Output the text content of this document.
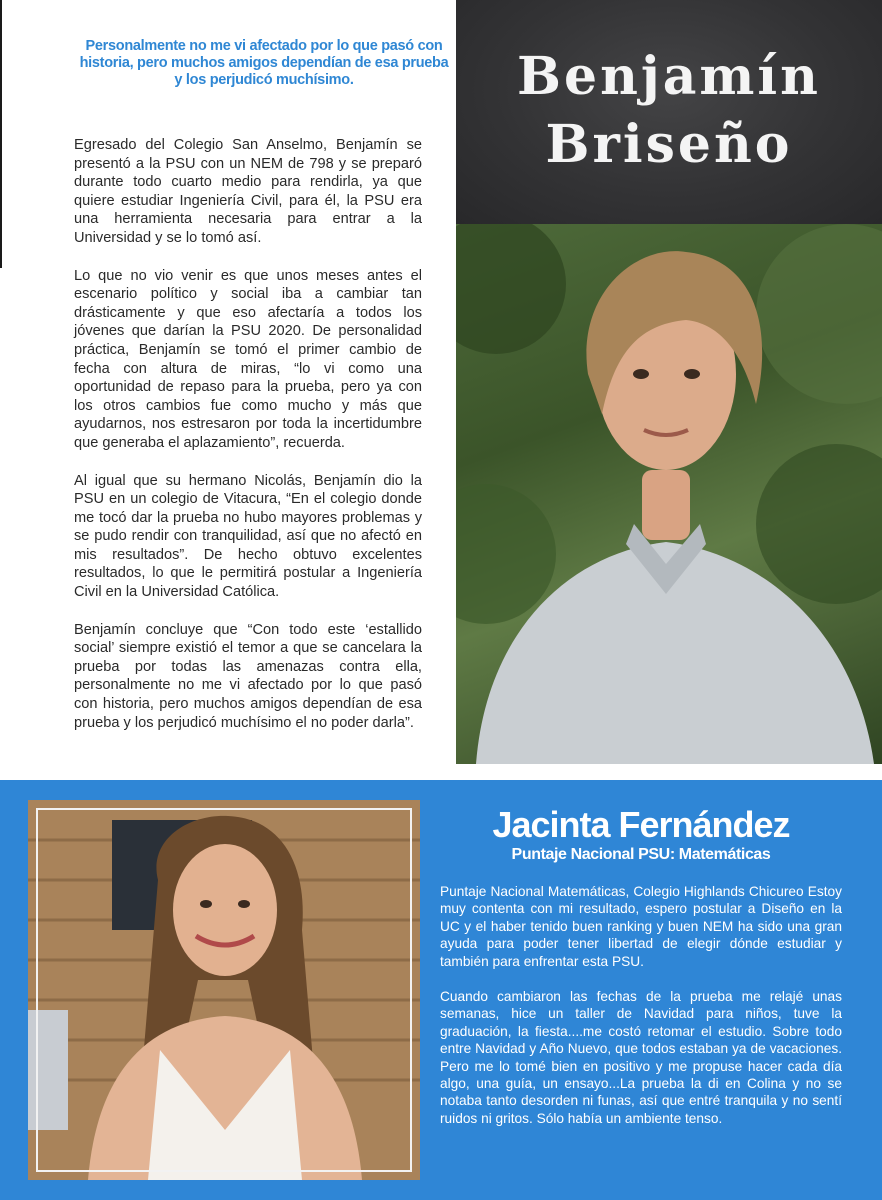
Personalmente no me vi afectado por lo que pasó con historia, pero muchos amigos dependían de esa prueba y los perjudicó muchísimo.

Egresado del Colegio San Anselmo, Benjamín se presentó a la PSU con un NEM de 798 y se preparó durante todo cuarto medio para rendirla, ya que quiere estudiar Ingeniería Civil, para él, la PSU era una herramienta necesaria para entrar a la Universidad y se lo tomó así.

Lo que no vio venir es que unos meses antes el escenario político y social iba a cambiar tan drásticamente y que eso afectaría a todos los jóvenes que darían la PSU 2020. De personalidad práctica, Benjamín se tomó el primer cambio de fecha con altura de miras, “lo vi como una oportunidad de repaso para la prueba, pero ya con los otros cambios fue como mucho y más que ayudarnos, nos estresaron por toda la incertidumbre que generaba el aplazamiento”, recuerda.

Al igual que su hermano Nicolás, Benjamín dio la PSU en un colegio de Vitacura, “En el colegio donde me tocó dar la prueba no hubo mayores problemas y se pudo rendir con tranquilidad, así que no afectó en mis resultados”. De hecho obtuvo excelentes resultados, lo que le permitirá postular a Ingeniería Civil en la Universidad Católica.

Benjamín concluye que “Con todo este ‘estallido social’ siempre existió el temor a que se cancelara la prueba por todas las amenazas contra ella, personalmente no me vi afectado por lo que pasó con historia, pero muchos amigos dependían de esa prueba y los perjudicó muchísimo el no poder darla”.

Benjamín
Briseño
Jacinta Fernández
Puntaje Nacional PSU: Matemáticas

Puntaje Nacional Matemáticas, Colegio Highlands Chicureo Estoy muy contenta con mi resultado, espero postular a Diseño en la UC y el haber tenido buen ranking y buen NEM ha sido una gran ayuda para poder tener libertad de elegir dónde estudiar y también para enfrentar esta PSU.

Cuando cambiaron las fechas de la prueba me relajé unas semanas, hice un taller de Navidad para niños, tuve la graduación, la fiesta....me costó retomar el estudio. Sobre todo entre Navidad y Año Nuevo, que todos estaban ya de vacaciones. Pero me lo tomé bien en positivo y me propuse hacer cada día algo, una guía, un ensayo...La prueba la di en Colina y no se notaba tanto desorden ni funas, así que entré tranquila y no sentí ruidos ni gritos. Sólo había un ambiente tenso.
